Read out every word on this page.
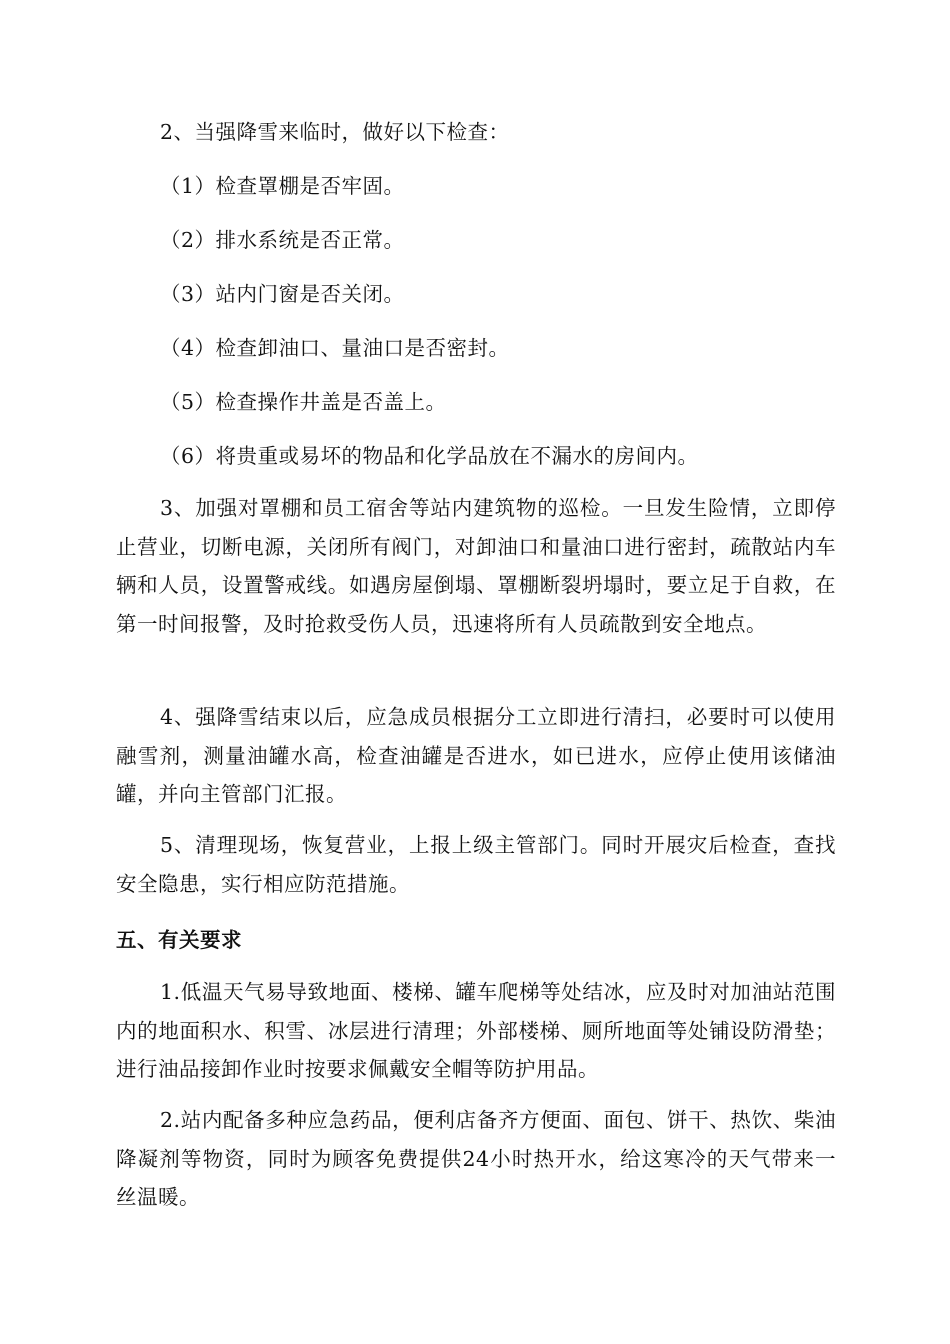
2、当强降雪来临时，做好以下检查：
（1）检查罩棚是否牢固。
（2）排水系统是否正常。
（3）站内门窗是否关闭。
（4）检查卸油口、量油口是否密封。
（5）检查操作井盖是否盖上。
（6）将贵重或易坏的物品和化学品放在不漏水的房间内。

3、加强对罩棚和员工宿舍等站内建筑物的巡检。一旦发生险情，立即停止营业，切断电源，关闭所有阀门，对卸油口和量油口进行密封，疏散站内车辆和人员，设置警戒线。如遇房屋倒塌、罩棚断裂坍塌时，要立足于自救，在第一时间报警，及时抢救受伤人员，迅速将所有人员疏散到安全地点。

4、强降雪结束以后，应急成员根据分工立即进行清扫，必要时可以使用融雪剂，测量油罐水高，检查油罐是否进水，如已进水，应停止使用该储油罐，并向主管部门汇报。

5、清理现场，恢复营业，上报上级主管部门。同时开展灾后检查，查找安全隐患，实行相应防范措施。

五、有关要求

1.低温天气易导致地面、楼梯、罐车爬梯等处结冰，应及时对加油站范围内的地面积水、积雪、冰层进行清理；外部楼梯、厕所地面等处铺设防滑垫；进行油品接卸作业时按要求佩戴安全帽等防护用品。

2.站内配备多种应急药品，便利店备齐方便面、面包、饼干、热饮、柴油降凝剂等物资，同时为顾客免费提供24小时热开水，给这寒冷的天气带来一丝温暖。
